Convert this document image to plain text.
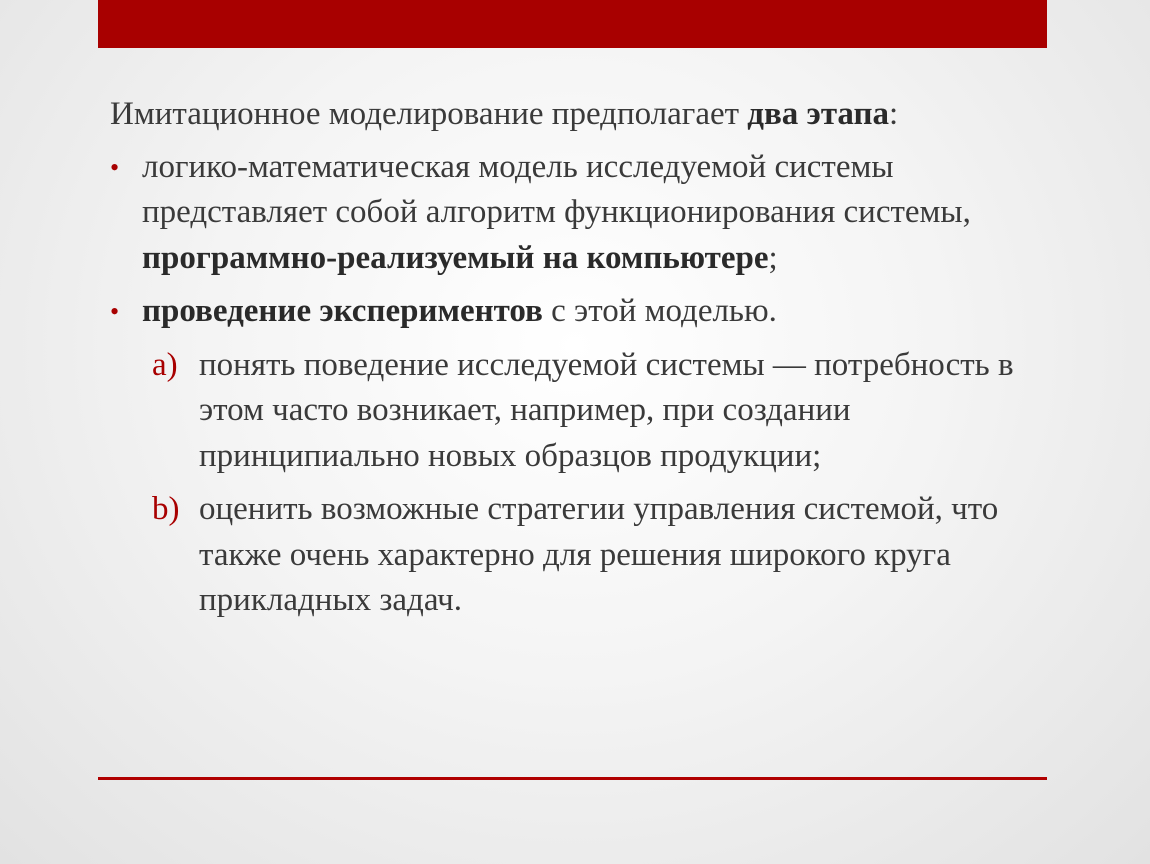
Имитационное моделирование предполагает два этапа:

• логико-математическая модель исследуемой системы представляет собой алгоритм функционирования системы, программно-реализуемый на компьютере;

• проведение экспериментов с этой моделью.

a) понять поведение исследуемой системы — потребность в этом часто возникает, например, при создании принципиально новых образцов продукции;

b) оценить возможные стратегии управления системой, что также очень характерно для решения широкого круга прикладных задач.
